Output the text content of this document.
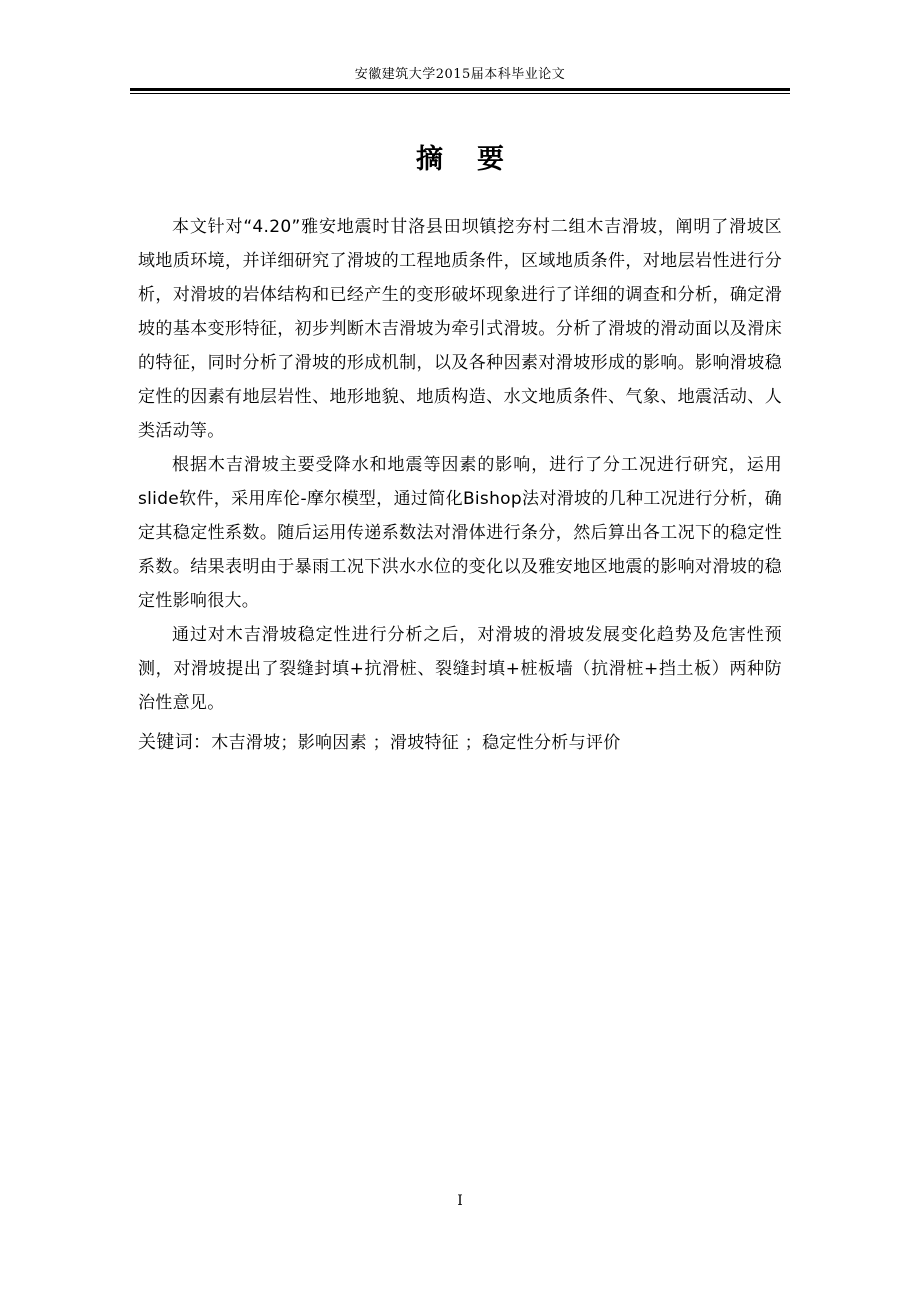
安徽建筑大学2015届本科毕业论文
摘要

本文针对“4.20”雅安地震时甘洛县田坝镇挖夯村二组木吉滑坡，阐明了滑坡区域地质环境，并详细研究了滑坡的工程地质条件，区域地质条件，对地层岩性进行分析，对滑坡的岩体结构和已经产生的变形破坏现象进行了详细的调查和分析，确定滑坡的基本变形特征，初步判断木吉滑坡为牵引式滑坡。分析了滑坡的滑动面以及滑床的特征，同时分析了滑坡的形成机制，以及各种因素对滑坡形成的影响。影响滑坡稳定性的因素有地层岩性、地形地貌、地质构造、水文地质条件、气象、地震活动、人类活动等。

根据木吉滑坡主要受降水和地震等因素的影响，进行了分工况进行研究，运用slide软件，采用库伦-摩尔模型，通过简化Bishop法对滑坡的几种工况进行分析，确定其稳定性系数。随后运用传递系数法对滑体进行条分，然后算出各工况下的稳定性系数。结果表明由于暴雨工况下洪水水位的变化以及雅安地区地震的影响对滑坡的稳定性影响很大。

通过对木吉滑坡稳定性进行分析之后，对滑坡的滑坡发展变化趋势及危害性预测，对滑坡提出了裂缝封填+抗滑桩、裂缝封填+桩板墙（抗滑桩+挡土板）两种防治性意见。

关键词：木吉滑坡；影响因素 ；滑坡特征 ；稳定性分析与评价

I
